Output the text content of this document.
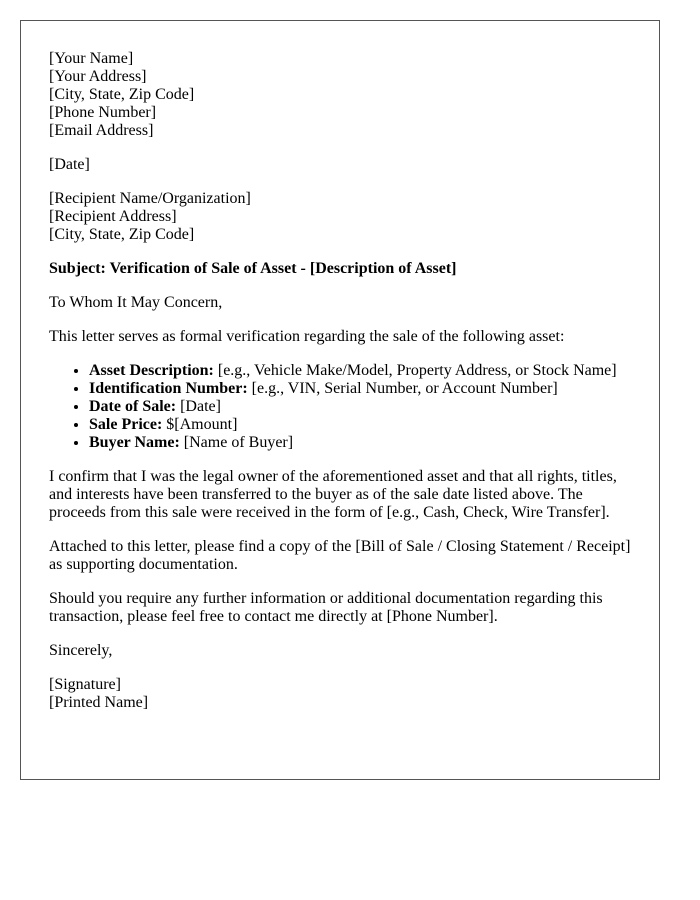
[Your Name]
[Your Address]
[City, State, Zip Code]
[Phone Number]
[Email Address]

[Date]

[Recipient Name/Organization]
[Recipient Address]
[City, State, Zip Code]

Subject: Verification of Sale of Asset - [Description of Asset]

To Whom It May Concern,

This letter serves as formal verification regarding the sale of the following asset:

• Asset Description: [e.g., Vehicle Make/Model, Property Address, or Stock Name]
• Identification Number: [e.g., VIN, Serial Number, or Account Number]
• Date of Sale: [Date]
• Sale Price: $[Amount]
• Buyer Name: [Name of Buyer]

I confirm that I was the legal owner of the aforementioned asset and that all rights, titles, and interests have been transferred to the buyer as of the sale date listed above. The proceeds from this sale were received in the form of [e.g., Cash, Check, Wire Transfer].

Attached to this letter, please find a copy of the [Bill of Sale / Closing Statement / Receipt] as supporting documentation.

Should you require any further information or additional documentation regarding this transaction, please feel free to contact me directly at [Phone Number].

Sincerely,

[Signature]
[Printed Name]
